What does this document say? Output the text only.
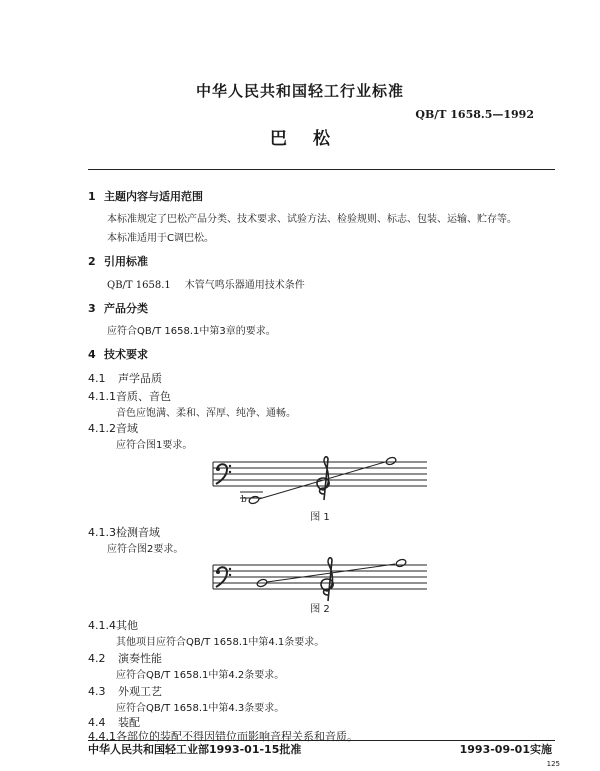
中华人民共和国轻工行业标准
QB/T 1658.5—1992
巴松
1 主题内容与适用范围
本标准规定了巴松产品分类、技术要求、试验方法、检验规则、标志、包装、运输、贮存等。
本标准适用于C调巴松。
2 引用标准
QB/T 1658.1 木管气鸣乐器通用技术条件
3 产品分类
应符合QB/T 1658.1中第3章的要求。
4 技术要求
4.1 声学品质
4.1.1音质、音色
音色应饱满、柔和、浑厚、纯净、通畅。
4.1.2音域
应符合图1要求。
b
图 1
4.1.3检测音域
应符合图2要求。
图 2
4.1.4其他
其他项目应符合QB/T 1658.1中第4.1条要求。
4.2 演奏性能
应符合QB/T 1658.1中第4.2条要求。
4.3 外观工艺
应符合QB/T 1658.1中第4.3条要求。
4.4 装配
4.4.1各部位的装配不得因错位而影响音程关系和音质。
中华人民共和国轻工业部1993-01-15批准	1993-09-01实施
125
